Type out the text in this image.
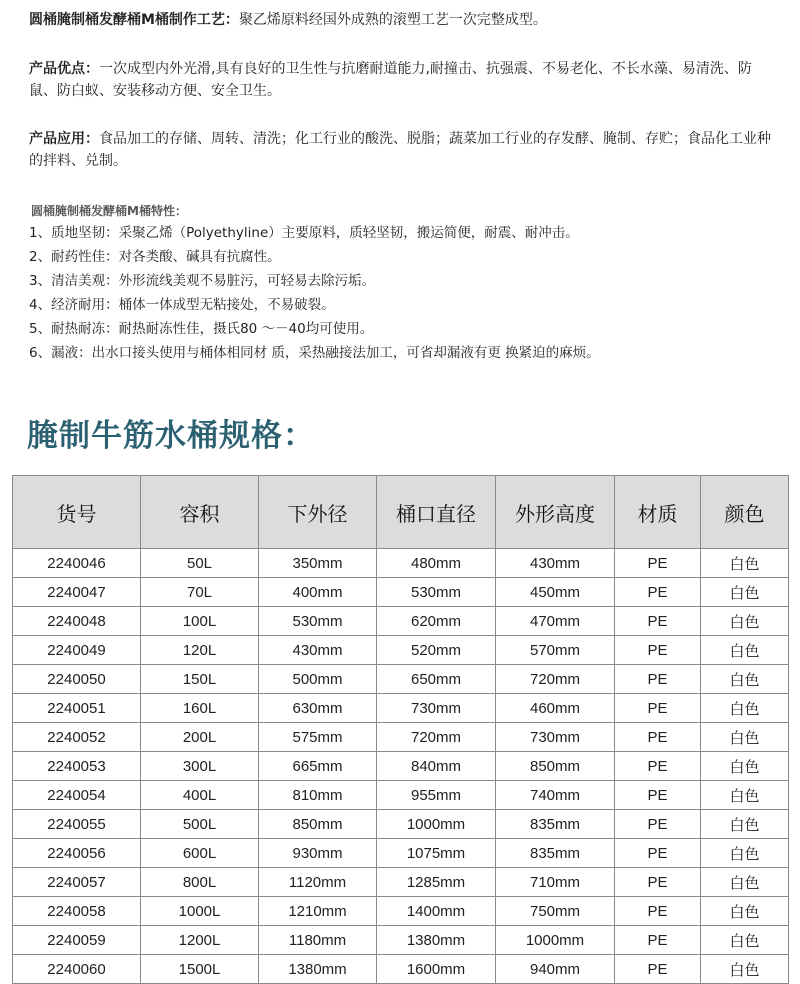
圆桶腌制桶发酵桶M桶制作工艺：聚乙烯原料经国外成熟的滚塑工艺一次完整成型。
产品优点：一次成型内外光滑,具有良好的卫生性与抗磨耐道能力,耐撞击、抗强震、不易老化、不长水藻、易清洗、防鼠、防白蚁、安装移动方便、安全卫生。
产品应用：食品加工的存储、周转、清洗；化工行业的酸洗、脱脂；蔬菜加工行业的存发酵、腌制、存贮；食品化工业种的拌料、兑制。
圆桶腌制桶发酵桶M桶特性：
1、质地坚韧：采聚乙烯（Polyethyline）主要原料，质轻坚韧，搬运简便，耐震、耐冲击。
2、耐药性佳：对各类酸、碱具有抗腐性。
3、清洁美观：外形流线美观不易脏污，可轻易去除污垢。
4、经济耐用：桶体一体成型无粘接处，不易破裂。
5、耐热耐冻：耐热耐冻性佳，摄氏80 ～－40均可使用。
6、漏液：出水口接头使用与桶体相同材 质，采热融接法加工，可省却漏液有更 换紧迫的麻烦。
腌制牛筋水桶规格：
货号	容积	下外径	桶口直径	外形高度	材质	颜色
2240046	50L	350mm	480mm	430mm	PE	白色
2240047	70L	400mm	530mm	450mm	PE	白色
2240048	100L	530mm	620mm	470mm	PE	白色
2240049	120L	430mm	520mm	570mm	PE	白色
2240050	150L	500mm	650mm	720mm	PE	白色
2240051	160L	630mm	730mm	460mm	PE	白色
2240052	200L	575mm	720mm	730mm	PE	白色
2240053	300L	665mm	840mm	850mm	PE	白色
2240054	400L	810mm	955mm	740mm	PE	白色
2240055	500L	850mm	1000mm	835mm	PE	白色
2240056	600L	930mm	1075mm	835mm	PE	白色
2240057	800L	1120mm	1285mm	710mm	PE	白色
2240058	1000L	1210mm	1400mm	750mm	PE	白色
2240059	1200L	1180mm	1380mm	1000mm	PE	白色
2240060	1500L	1380mm	1600mm	940mm	PE	白色
